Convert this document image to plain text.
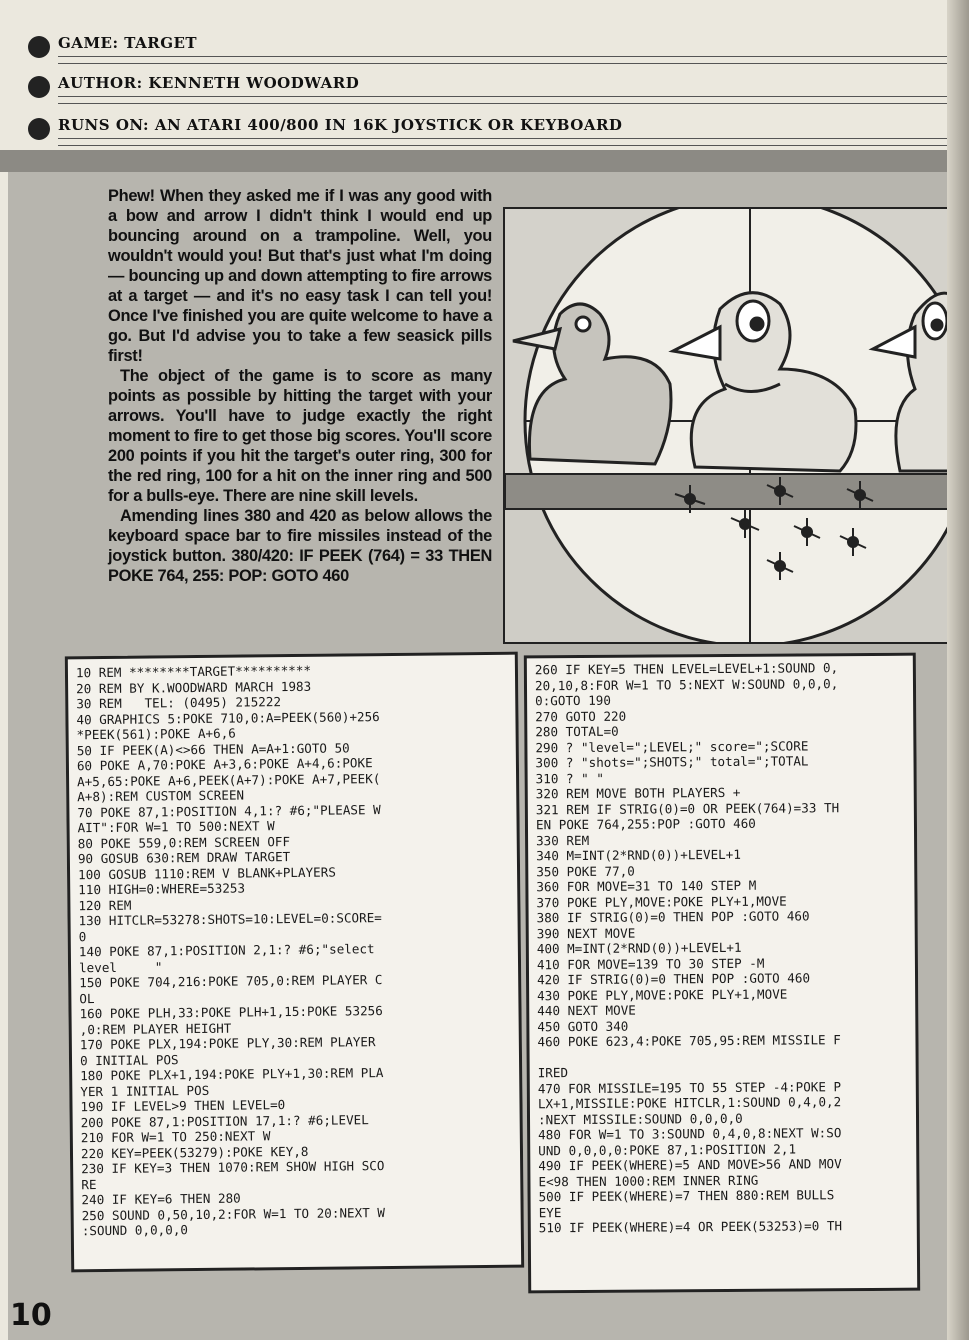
GAME: TARGET
AUTHOR: KENNETH WOODWARD
RUNS ON: AN ATARI 400/800 IN 16K JOYSTICK OR KEYBOARD

Phew! When they asked me if I was any good with a bow and arrow I didn't think I would end up bouncing around on a trampoline. Well, you wouldn't would you! But that's just what I'm doing — bouncing up and down attempting to fire arrows at a target — and it's no easy task I can tell you! Once I've finished you are quite welcome to have a go. But I'd advise you to take a few seasick pills first!

The object of the game is to score as many points as possible by hitting the target with your arrows. You'll have to judge exactly the right moment to fire to get those big scores. You'll score 200 points if you hit the target's outer ring, 300 for the red ring, 100 for a hit on the inner ring and 500 for a bulls-eye. There are nine skill levels.

Amending lines 380 and 420 as below allows the keyboard space bar to fire missiles instead of the joystick button. 380/420: IF PEEK (764) = 33 THEN POKE 764, 255: POP: GOTO 460

10 REM ********TARGET**********
20 REM BY K.WOODWARD MARCH 1983
30 REM   TEL: (0495) 215222
40 GRAPHICS 5:POKE 710,0:A=PEEK(560)+256
*PEEK(561):POKE A+6,6
50 IF PEEK(A)<>66 THEN A=A+1:GOTO 50
60 POKE A,70:POKE A+3,6:POKE A+4,6:POKE
A+5,65:POKE A+6,PEEK(A+7):POKE A+7,PEEK(
A+8):REM CUSTOM SCREEN
70 POKE 87,1:POSITION 4,1:? #6;"PLEASE W
AIT":FOR W=1 TO 500:NEXT W
80 POKE 559,0:REM SCREEN OFF
90 GOSUB 630:REM DRAW TARGET
100 GOSUB 1110:REM V BLANK+PLAYERS
110 HIGH=0:WHERE=53253
120 REM
130 HITCLR=53278:SHOTS=10:LEVEL=0:SCORE=
0
140 POKE 87,1:POSITION 2,1:? #6;"select
level     "
150 POKE 704,216:POKE 705,0:REM PLAYER C
OL
160 POKE PLH,33:POKE PLH+1,15:POKE 53256
,0:REM PLAYER HEIGHT
170 POKE PLX,194:POKE PLY,30:REM PLAYER
0 INITIAL POS
180 POKE PLX+1,194:POKE PLY+1,30:REM PLA
YER 1 INITIAL POS
190 IF LEVEL>9 THEN LEVEL=0
200 POKE 87,1:POSITION 17,1:? #6;LEVEL
210 FOR W=1 TO 250:NEXT W
220 KEY=PEEK(53279):POKE KEY,8
230 IF KEY=3 THEN 1070:REM SHOW HIGH SCO
RE
240 IF KEY=6 THEN 280
250 SOUND 0,50,10,2:FOR W=1 TO 20:NEXT W
:SOUND 0,0,0,0
260 IF KEY=5 THEN LEVEL=LEVEL+1:SOUND 0,
20,10,8:FOR W=1 TO 5:NEXT W:SOUND 0,0,0,
0:GOTO 190
270 GOTO 220
280 TOTAL=0
290 ? "level=";LEVEL;" score=";SCORE
300 ? "shots=";SHOTS;" total=";TOTAL
310 ? " "
320 REM MOVE BOTH PLAYERS +
321 REM IF STRIG(0)=0 OR PEEK(764)=33 TH
EN POKE 764,255:POP :GOTO 460
330 REM
340 M=INT(2*RND(0))+LEVEL+1
350 POKE 77,0
360 FOR MOVE=31 TO 140 STEP M
370 POKE PLY,MOVE:POKE PLY+1,MOVE
380 IF STRIG(0)=0 THEN POP :GOTO 460
390 NEXT MOVE
400 M=INT(2*RND(0))+LEVEL+1
410 FOR MOVE=139 TO 30 STEP -M
420 IF STRIG(0)=0 THEN POP :GOTO 460
430 POKE PLY,MOVE:POKE PLY+1,MOVE
440 NEXT MOVE
450 GOTO 340
460 POKE 623,4:POKE 705,95:REM MISSILE F

IRED
470 FOR MISSILE=195 TO 55 STEP -4:POKE P
LX+1,MISSILE:POKE HITCLR,1:SOUND 0,4,0,2
:NEXT MISSILE:SOUND 0,0,0,0
480 FOR W=1 TO 3:SOUND 0,4,0,8:NEXT W:SO
UND 0,0,0,0:POKE 87,1:POSITION 2,1
490 IF PEEK(WHERE)=5 AND MOVE>56 AND MOV
E<98 THEN 1000:REM INNER RING
500 IF PEEK(WHERE)=7 THEN 880:REM BULLS
EYE
510 IF PEEK(WHERE)=4 OR PEEK(53253)=0 TH
10
